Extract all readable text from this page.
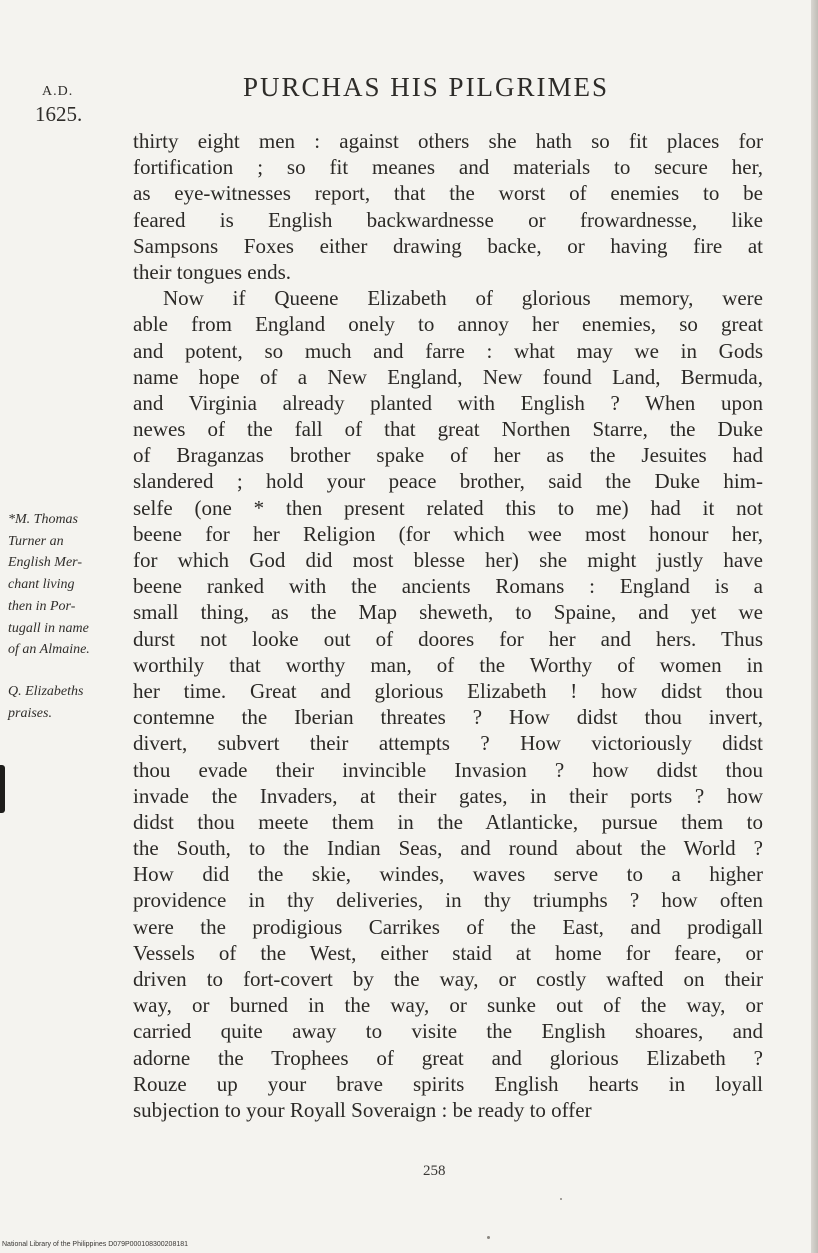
A.D.
1625.
PURCHAS HIS PILGRIMES
thirty eight men : against others she hath so fit places for
fortification ; so fit meanes and materials to secure her,
as eye-witnesses report, that the worst of enemies to be
feared is English backwardnesse or frowardnesse, like
Sampsons Foxes either drawing backe, or having fire at
their tongues ends.
Now if Queene Elizabeth of glorious memory, were
able from England onely to annoy her enemies, so great
and potent, so much and farre : what may we in Gods
name hope of a New England, New found Land, Bermuda,
and Virginia already planted with English ? When upon
newes of the fall of that great Northen Starre, the Duke
of Braganzas brother spake of her as the Jesuites had
slandered ; hold your peace brother, said the Duke him-
selfe (one * then present related this to me) had it not
beene for her Religion (for which wee most honour her,
for which God did most blesse her) she might justly have
beene ranked with the ancients Romans : England is a
small thing, as the Map sheweth, to Spaine, and yet we
durst not looke out of doores for her and hers. Thus
worthily that worthy man, of the Worthy of women in
her time. Great and glorious Elizabeth ! how didst thou
contemne the Iberian threates ? How didst thou invert,
divert, subvert their attempts ? How victoriously didst
thou evade their invincible Invasion ? how didst thou
invade the Invaders, at their gates, in their ports ? how
didst thou meete them in the Atlanticke, pursue them to
the South, to the Indian Seas, and round about the World ?
How did the skie, windes, waves serve to a higher
providence in thy deliveries, in thy triumphs ? how often
were the prodigious Carrikes of the East, and prodigall
Vessels of the West, either staid at home for feare, or
driven to fort-covert by the way, or costly wafted on their
way, or burned in the way, or sunke out of the way, or
carried quite away to visite the English shoares, and
adorne the Trophees of great and glorious Elizabeth ?
Rouze up your brave spirits English hearts in loyall
subjection to your Royall Soveraign : be ready to offer
*M. Thomas
Turner an
English Mer-
chant living
then in Por-
tugall in name
of an Almaine.
Q. Elizabeths
praises.
258
National Library of the Philippines D079P000108300208181
